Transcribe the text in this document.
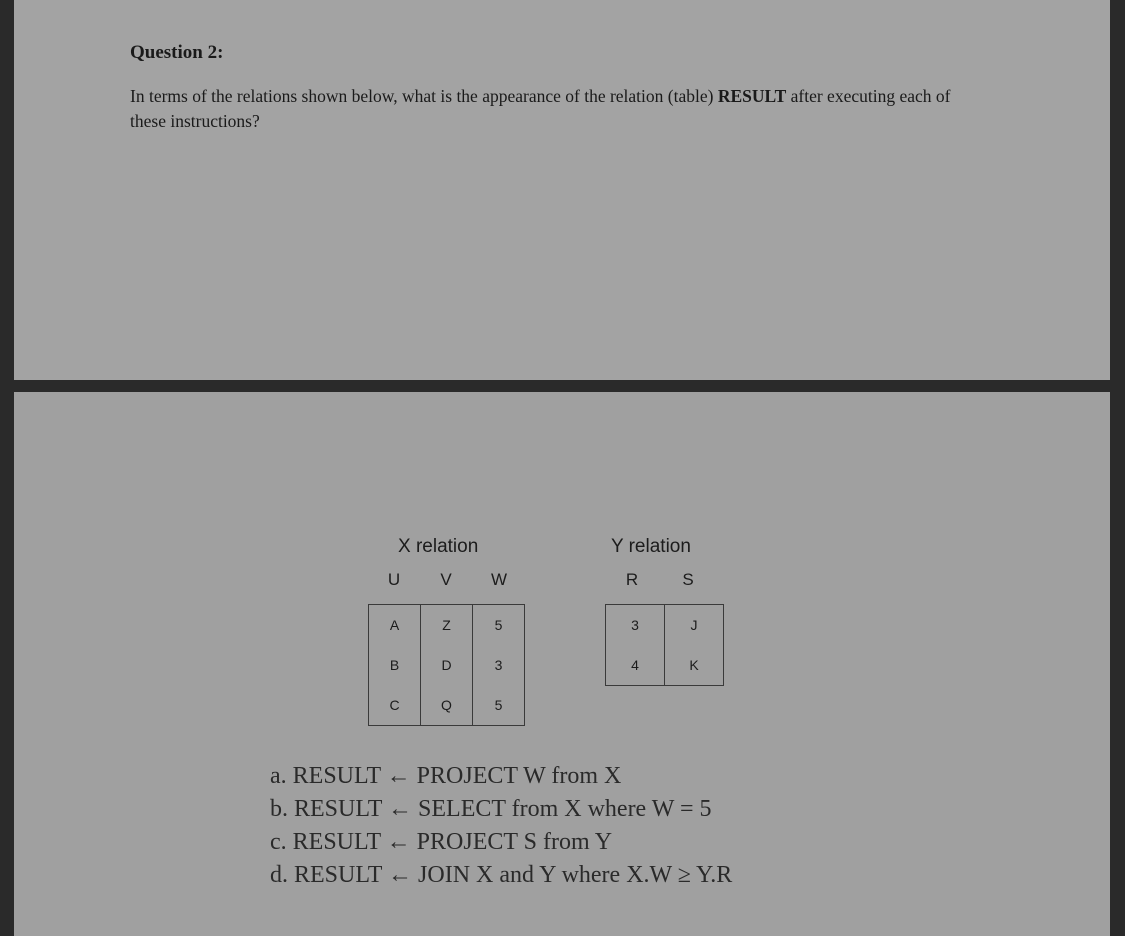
Question 2:
In terms of the relations shown below, what is the appearance of the relation (table) RESULT after executing each of these instructions?
X relation
U	V	W
A	Z	5
B	D	3
C	Q	5
Y relation
R	S
3	J
4	K
a. RESULT ← PROJECT W from X
b. RESULT ← SELECT from X where W = 5
c. RESULT ← PROJECT S from Y
d. RESULT ← JOIN X and Y where X.W ≥ Y.R
